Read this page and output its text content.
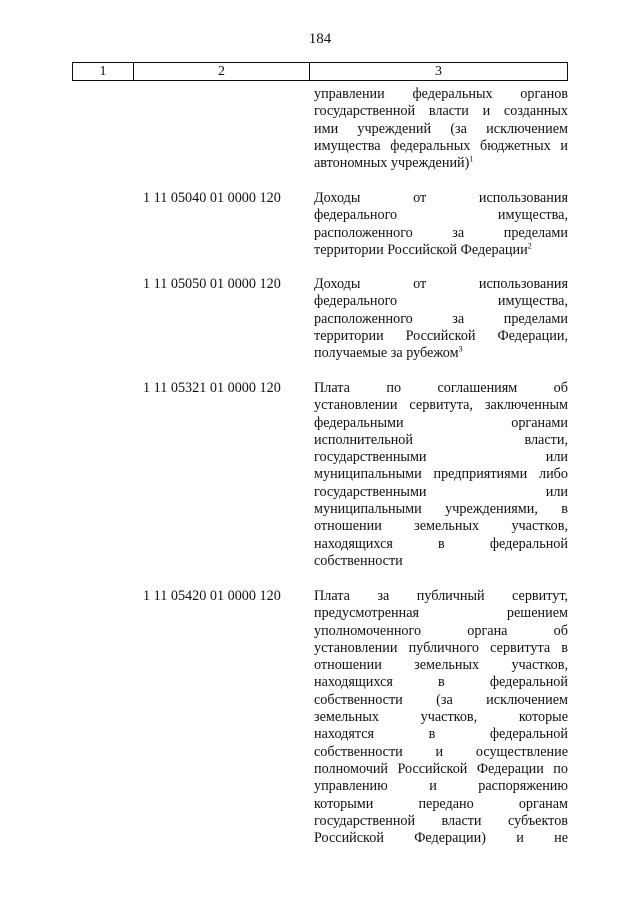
184
1	2	3
управлении федеральных органов
государственной власти и созданных
ими учреждений (за исключением
имущества федеральных бюджетных и
автономных учреждений)$^1$
1 11 05040 01 0000 120	Доходы от использования
федерального имущества,
расположенного за пределами
территории Российской Федерации$^2$
1 11 05050 01 0000 120	Доходы от использования
федерального имущества,
расположенного за пределами
территории Российской Федерации,
получаемые за рубежом$^3$
1 11 05321 01 0000 120	Плата по соглашениям об
установлении сервитута, заключенным
федеральными органами
исполнительной власти,
государственными или
муниципальными предприятиями либо
государственными или
муниципальными учреждениями, в
отношении земельных участков,
находящихся в федеральной
собственности
1 11 05420 01 0000 120	Плата за публичный сервитут,
предусмотренная решением
уполномоченного органа об
установлении публичного сервитута в
отношении земельных участков,
находящихся в федеральной
собственности (за исключением
земельных участков, которые
находятся в федеральной
собственности и осуществление
полномочий Российской Федерации по
управлению и распоряжению
которыми передано органам
государственной власти субъектов
Российской Федерации) и не
